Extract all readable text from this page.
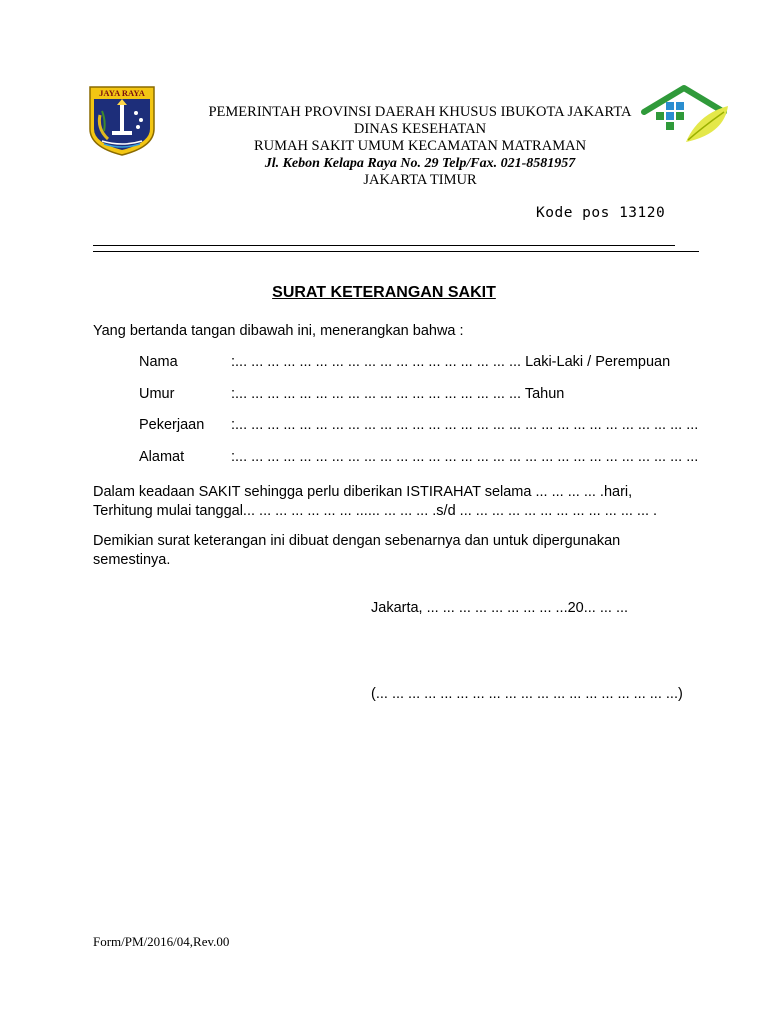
JAYA RAYA
PEMERINTAH PROVINSI DAERAH KHUSUS IBUKOTA JAKARTA
DINAS KESEHATAN
RUMAH SAKIT UMUM KECAMATAN MATRAMAN
Jl. Kebon Kelapa Raya No. 29 Telp/Fax. 021-8581957
JAKARTA TIMUR
Kode pos 13120
SURAT KETERANGAN SAKIT
Yang bertanda tangan dibawah ini, menerangkan bahwa :
Nama	:... ... ... ... ... ... ... ... ... ... ... ... ... ... ... ... ... ... Laki-Laki / Perempuan
Umur	:... ... ... ... ... ... ... ... ... ... ... ... ... ... ... ... ... ... Tahun
Pekerjaan :... ... ... ... ... ... ... ... ... ... ... ... ... ... ... ... ... ... ... ... ... ... ... ... ... ... ... ... ...
Alamat	:... ... ... ... ... ... ... ... ... ... ... ... ... ... ... ... ... ... ... ... ... ... ... ... ... ... ... ... ...
Dalam keadaan SAKIT sehingga perlu diberikan ISTIRAHAT selama ... ... ... ... .hari,
Terhitung mulai tanggal... ... ... ... ... ... ... ...... ... ... ... .s/d ... ... ... ... ... ... ... ... ... ... ... ... .
Demikian surat keterangan ini dibuat dengan sebenarnya dan untuk dipergunakan
semestinya.
Jakarta, ... ... ... ... ... ... ... ... ...20... ... ...
(... ... ... ... ... ... ... ... ... ... ... ... ... ... ... ... ... ... ...)
Form/PM/2016/04,Rev.00
